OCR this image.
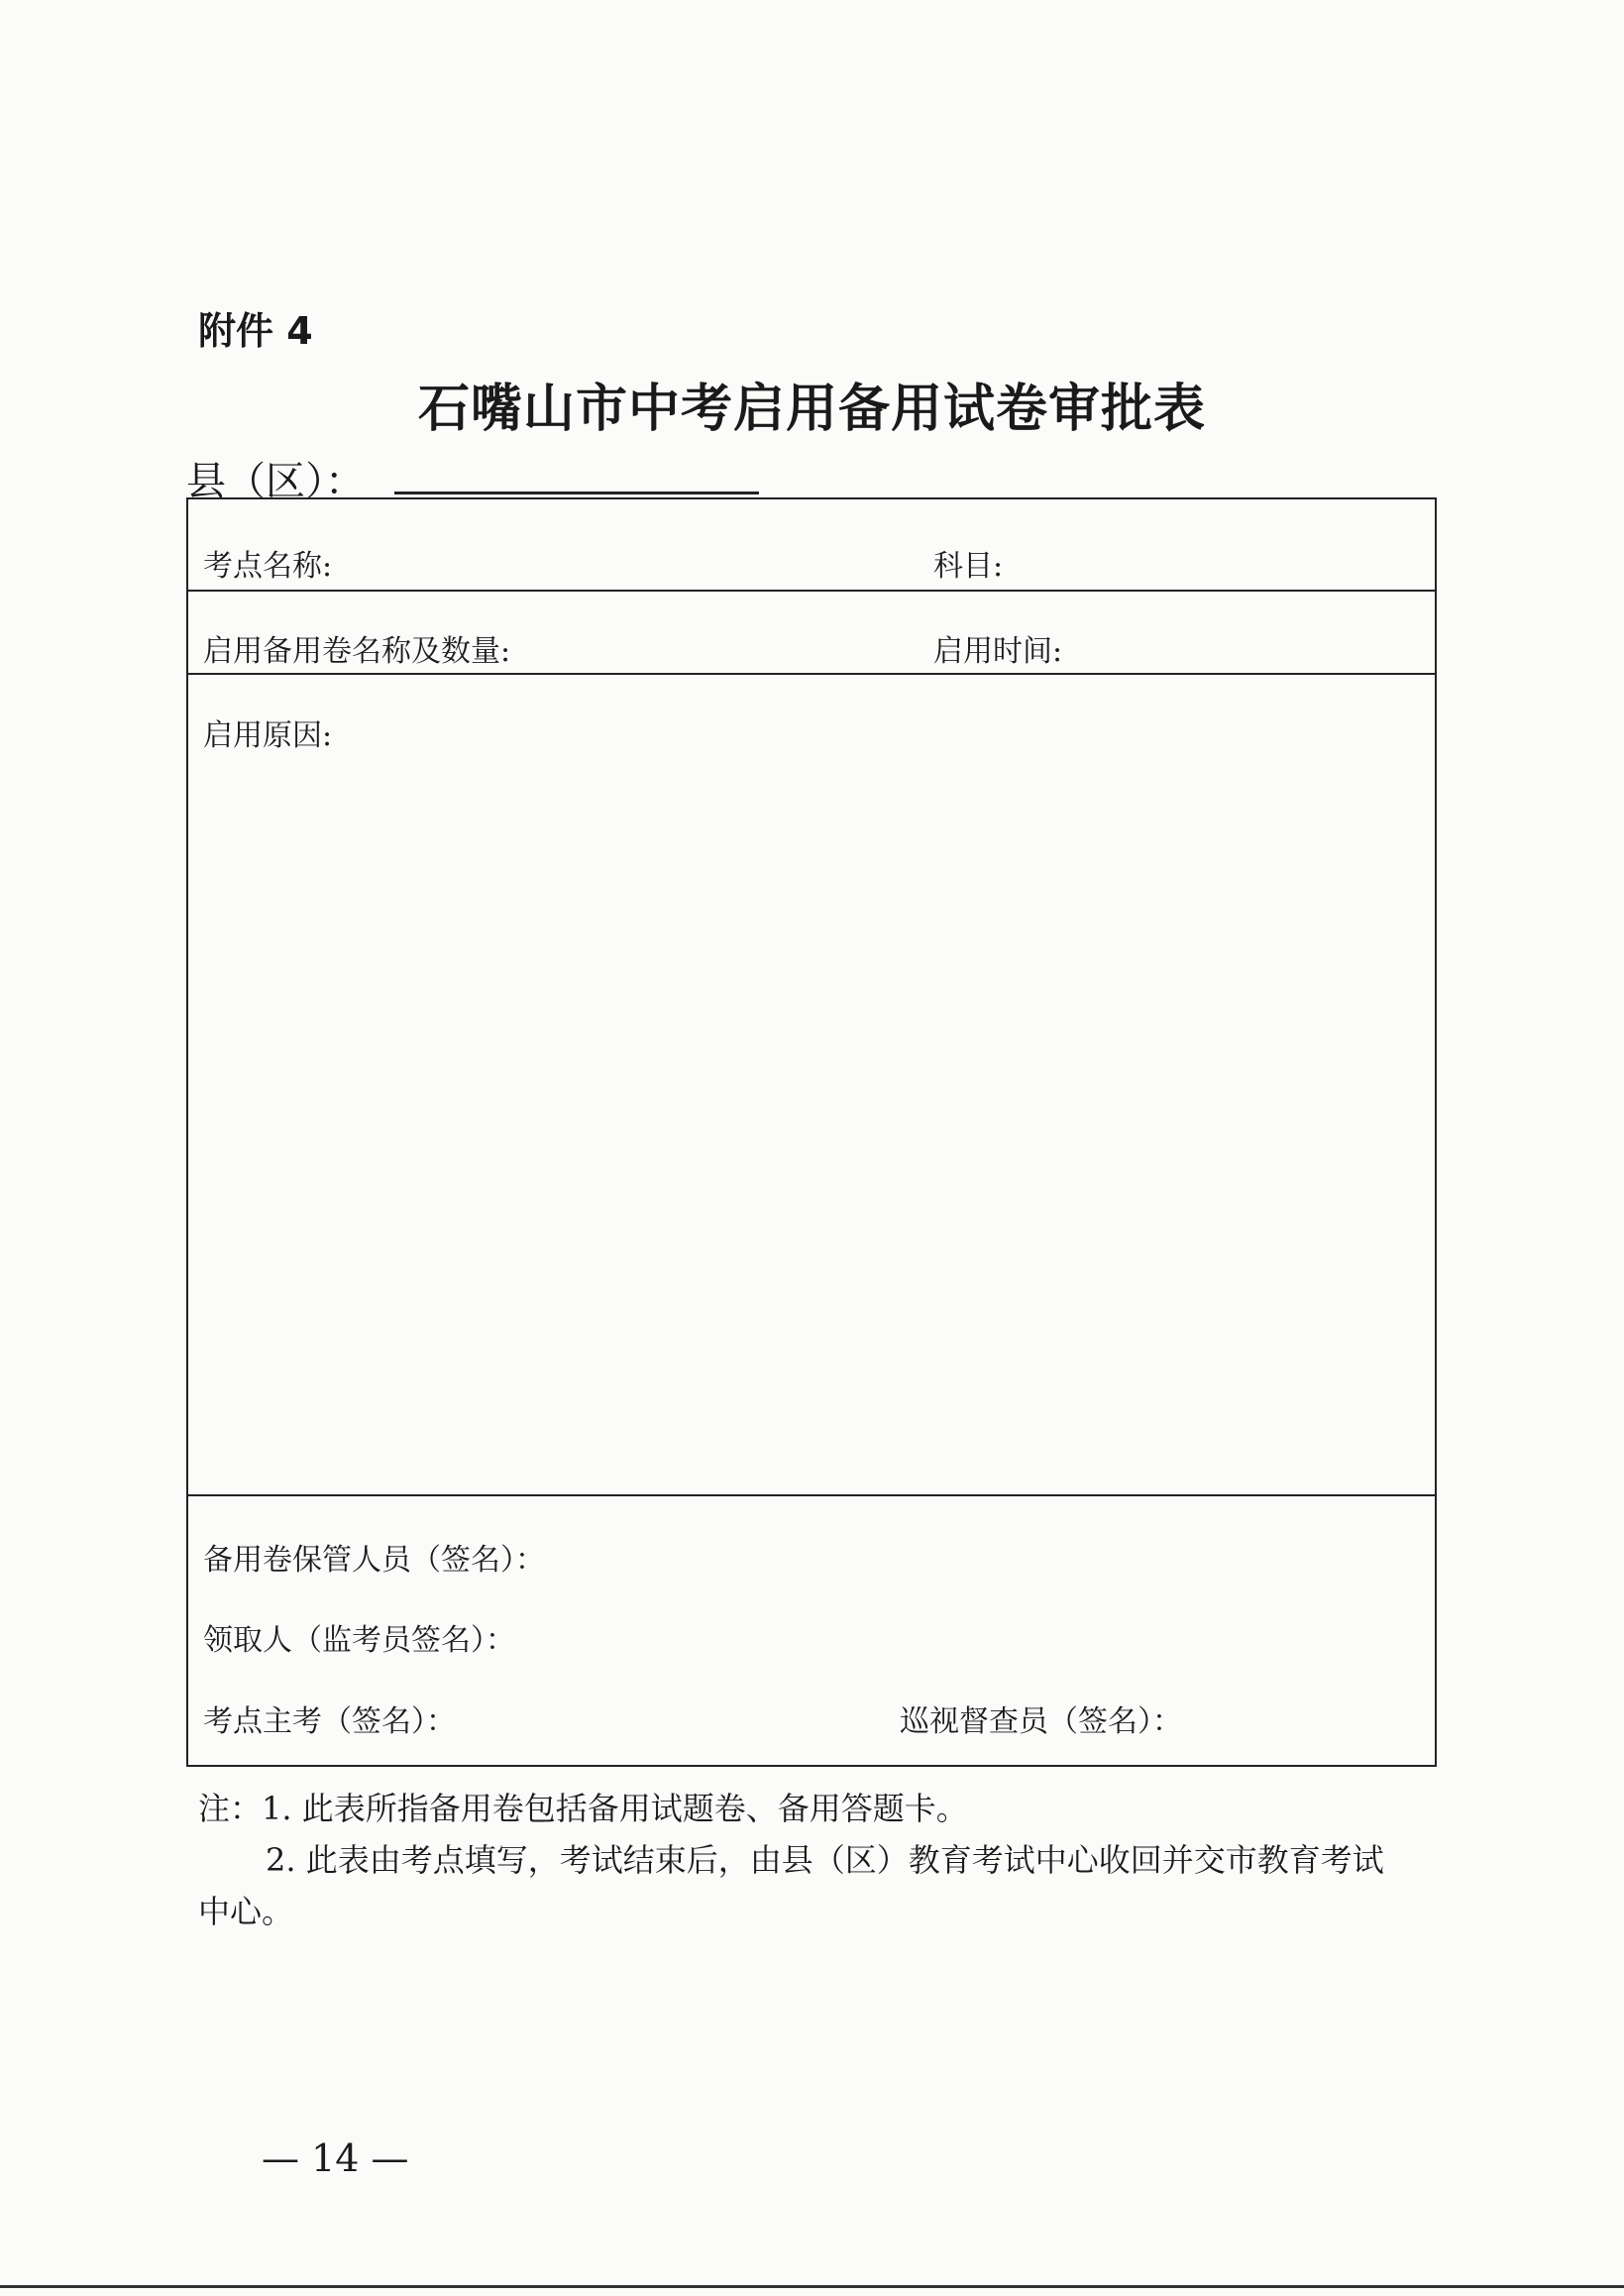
附件 4
石嘴山市中考启用备用试卷审批表
县（区）：
考点名称:	科目:
启用备用卷名称及数量:	启用时间:
启用原因:
备用卷保管人员（签名）：
领取人（监考员签名）：
考点主考（签名）：	巡视督查员（签名）：
注：1. 此表所指备用卷包括备用试题卷、备用答题卡。
2. 此表由考点填写，考试结束后，由县（区）教育考试中心收回并交市教育考试
中心。
— 14 —
